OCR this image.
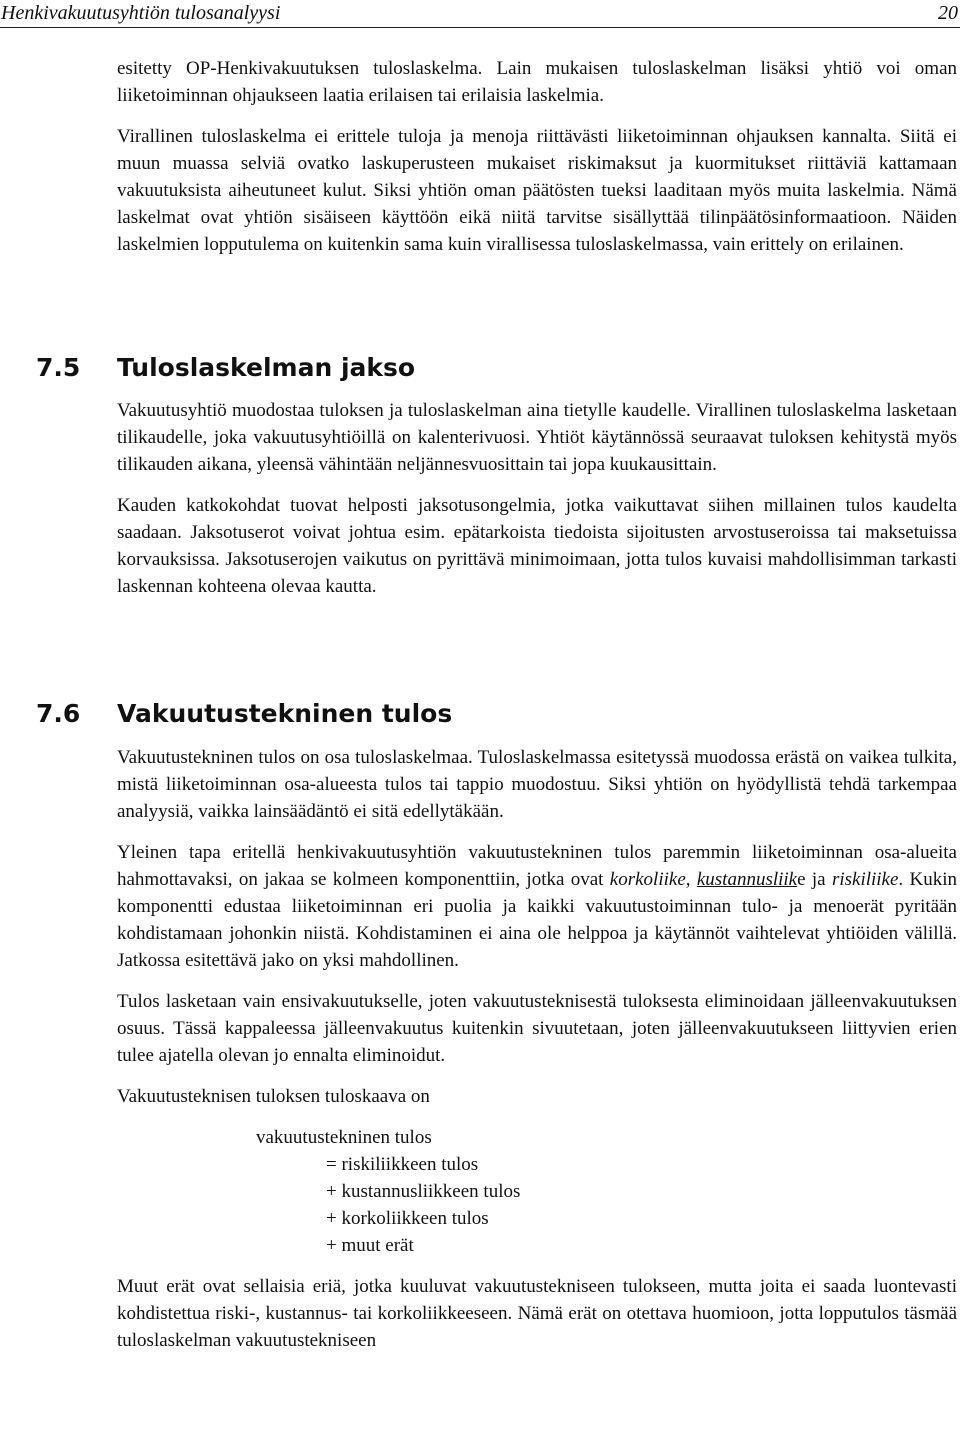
Henkivakuutusyhtiön tulosanalyysi	20

esitetty OP-Henkivakuutuksen tuloslaskelma. Lain mukaisen tuloslaskelman lisäksi yhtiö voi oman liiketoiminnan ohjaukseen laatia erilaisen tai erilaisia laskelmia.

Virallinen tuloslaskelma ei erittele tuloja ja menoja riittävästi liiketoiminnan ohjauksen kannalta. Siitä ei muun muassa selviä ovatko laskuperusteen mukaiset riskimaksut ja kuormitukset riittäviä kattamaan vakuutuksista aiheutuneet kulut. Siksi yhtiön oman päätösten tueksi laaditaan myös muita laskelmia. Nämä laskelmat ovat yhtiön sisäiseen käyttöön eikä niitä tarvitse sisällyttää tilinpäätösinformaatioon. Näiden laskelmien lopputulema on kuitenkin sama kuin virallisessa tuloslaskelmassa, vain erittely on erilainen.

7.5 Tuloslaskelman jakso

Vakuutusyhtiö muodostaa tuloksen ja tuloslaskelman aina tietylle kaudelle. Virallinen tuloslaskelma lasketaan tilikaudelle, joka vakuutusyhtiöillä on kalenterivuosi. Yhtiöt käytännössä seuraavat tuloksen kehitystä myös tilikauden aikana, yleensä vähintään neljännesvuosittain tai jopa kuukausittain.

Kauden katkokohdat tuovat helposti jaksotusongelmia, jotka vaikuttavat siihen millainen tulos kaudelta saadaan. Jaksotuserot voivat johtua esim. epätarkoista tiedoista sijoitusten arvostuseroissa tai maksetuissa korvauksissa. Jaksotuserojen vaikutus on pyrittävä minimoimaan, jotta tulos kuvaisi mahdollisimman tarkasti laskennan kohteena olevaa kautta.

7.6 Vakuutustekninen tulos

Vakuutustekninen tulos on osa tuloslaskelmaa. Tuloslaskelmassa esitetyssä muodossa erästä on vaikea tulkita, mistä liiketoiminnan osa-alueesta tulos tai tappio muodostuu. Siksi yhtiön on hyödyllistä tehdä tarkempaa analyysiä, vaikka lainsäädäntö ei sitä edellytäkään.

Yleinen tapa eritellä henkivakuutusyhtiön vakuutustekninen tulos paremmin liiketoiminnan osa-alueita hahmottavaksi, on jakaa se kolmeen komponenttiin, jotka ovat korkoliike, kustannusliike ja riskiliike. Kukin komponentti edustaa liiketoiminnan eri puolia ja kaikki vakuutustoiminnan tulo- ja menoerät pyritään kohdistamaan johonkin niistä. Kohdistaminen ei aina ole helppoa ja käytännöt vaihtelevat yhtiöiden välillä. Jatkossa esitettävä jako on yksi mahdollinen.

Tulos lasketaan vain ensivakuutukselle, joten vakuutusteknisestä tuloksesta eliminoidaan jälleenvakuutuksen osuus. Tässä kappaleessa jälleenvakuutus kuitenkin sivuutetaan, joten jälleenvakuutukseen liittyvien erien tulee ajatella olevan jo ennalta eliminoidut.

Vakuutusteknisen tuloksen tuloskaava on

vakuutustekninen tulos
= riskiliikkeen tulos
+ kustannusliikkeen tulos
+ korkoliikkeen tulos
+ muut erät

Muut erät ovat sellaisia eriä, jotka kuuluvat vakuutustekniseen tulokseen, mutta joita ei saada luontevasti kohdistettua riski-, kustannus- tai korkoliikkeeseen. Nämä erät on otettava huomioon, jotta lopputulos täsmää tuloslaskelman vakuutustekniseen
